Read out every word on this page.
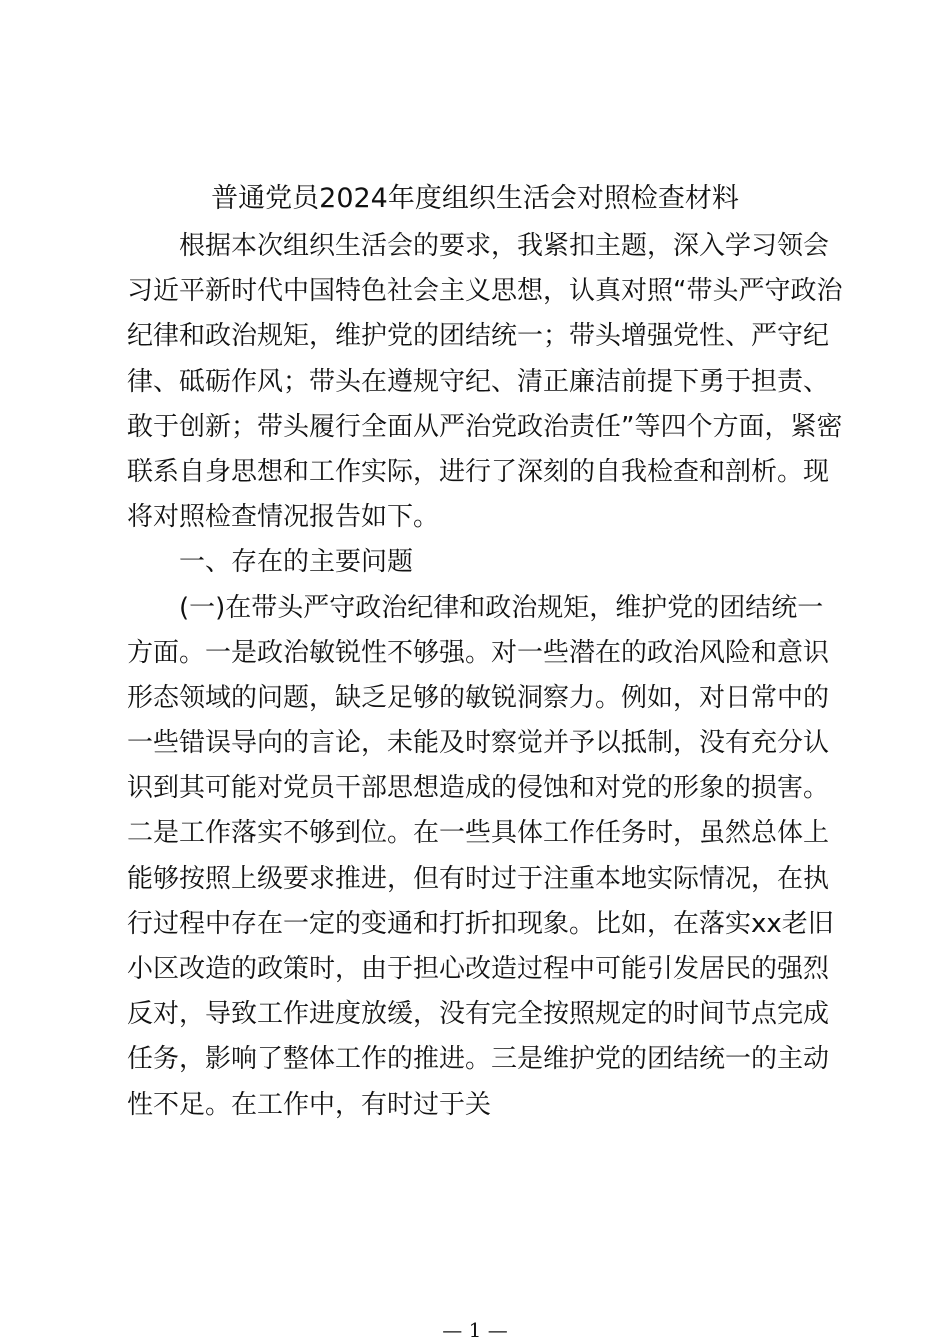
普通党员2024年度组织生活会对照检查材料
根据本次组织生活会的要求，我紧扣主题，深入学习领会
习近平新时代中国特色社会主义思想，认真对照“带头严守政治
纪律和政治规矩，维护党的团结统一；带头增强党性、严守纪
律、砥砺作风；带头在遵规守纪、清正廉洁前提下勇于担责、
敢于创新；带头履行全面从严治党政治责任”等四个方面，紧密
联系自身思想和工作实际，进行了深刻的自我检查和剖析。现
将对照检查情况报告如下。
一、存在的主要问题
(一)在带头严守政治纪律和政治规矩，维护党的团结统一
方面。一是政治敏锐性不够强。对一些潜在的政治风险和意识
形态领域的问题，缺乏足够的敏锐洞察力。例如，对日常中的
一些错误导向的言论，未能及时察觉并予以抵制，没有充分认
识到其可能对党员干部思想造成的侵蚀和对党的形象的损害。
二是工作落实不够到位。在一些具体工作任务时，虽然总体上
能够按照上级要求推进，但有时过于注重本地实际情况，在执
行过程中存在一定的变通和打折扣现象。比如，在落实xx老旧
小区改造的政策时，由于担心改造过程中可能引发居民的强烈
反对，导致工作进度放缓，没有完全按照规定的时间节点完成
任务，影响了整体工作的推进。三是维护党的团结统一的主动
性不足。在工作中，有时过于关
— 1 —
